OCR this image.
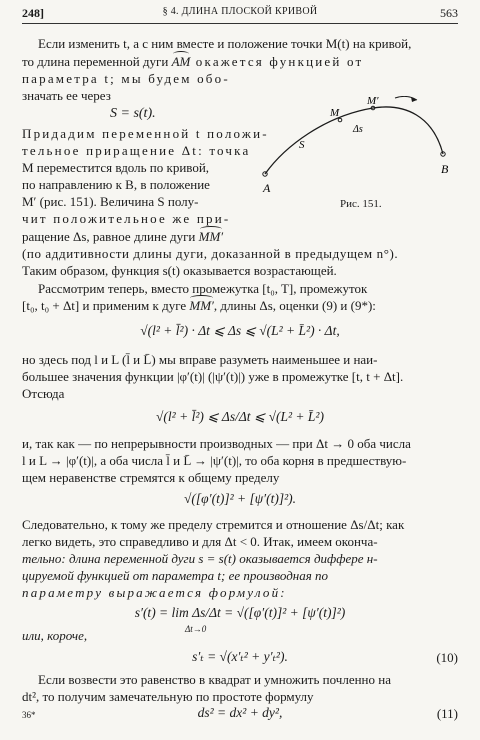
248]	§ 4. ДЛИНА ПЛОСКОЙ КРИВОЙ	563
Если изменить t, а с ним вместе и положение точки M(t) на кривой,
то длина переменной дуги AM окажется функцией от
параметра t; мы будем обо-
значать ее через
S = s(t).
A
S
M
M′
Δs
B
Рис. 151.
Придадим переменной t положи-
тельное приращение Δt: точка
M переместится вдоль по кривой,
по направлению к B, в положение
M′ (рис. 151). Величина S полу-
чит положительное же при-
ращение Δs, равное длине дуги MM′
(по аддитивности длины дуги, доказанной в предыдущем n°).
Таким образом, функция s(t) оказывается возрастающей.
Рассмотрим теперь, вместо промежутка [t₀, T], промежуток
[t₀, t₀ + Δt] и применим к дуге MM′, длины Δs, оценки (9) и (9*):
√(l² + l̄²) · Δt ⩽ Δs ⩽ √(L² + L̄²) · Δt,
но здесь под l и L (l̄ и L̄) мы вправе разуметь наименьшее и наи-
большее значения функции |φ′(t)| (|ψ′(t)|) уже в промежутке [t, t + Δt].
Отсюда
√(l² + l̄²) ⩽ Δs/Δt ⩽ √(L² + L̄²)
и, так как — по непрерывности производных — при Δt → 0 оба числа
l и L → |φ′(t)|, а оба числа l̄ и L̄ → |ψ′(t)|, то оба корня в предшествую-
щем неравенстве стремятся к общему пределу
√([φ′(t)]² + [ψ′(t)]²).
Следовательно, к тому же пределу стремится и отношение Δs/Δt; как
легко видеть, это справедливо и для Δt < 0. Итак, имеем оконча-
тельно: длина переменной дуги s = s(t) оказывается диффере н-
цируемой функцией от параметра t; ее производная по
параметру выражается формулой:
s′(t) = lim Δs/Δt = √([φ′(t)]² + [ψ′(t)]²)
Δt→0
или, короче,
s′ₜ = √(x′ₜ² + y′ₜ²).	(10)
Если возвести это равенство в квадрат и умножить почленно на
dt², то получим замечательную по простоте формулу
ds² = dx² + dy²,	(11)
36*
